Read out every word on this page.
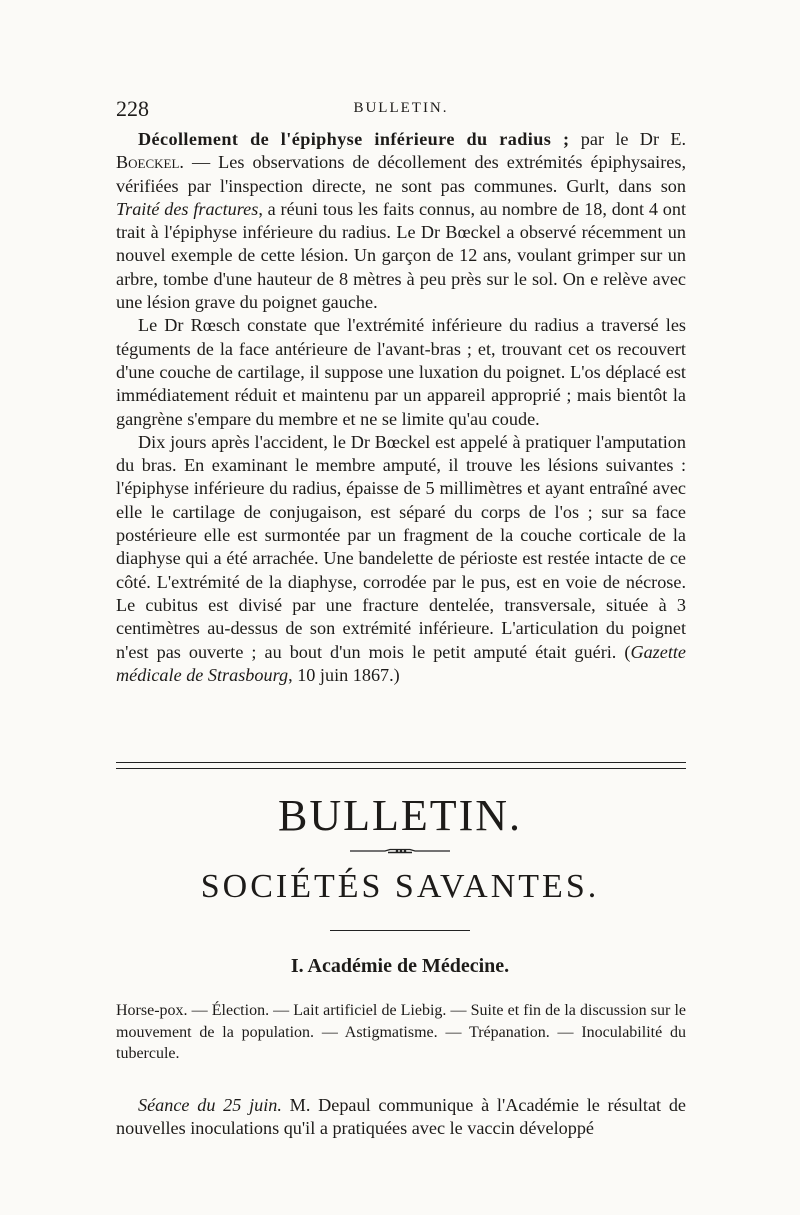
228	BULLETIN.

Décollement de l'épiphyse inférieure du radius ; par le Dr E. Boeckel. — Les observations de décollement des extrémités épiphysaires, vérifiées par l'inspection directe, ne sont pas communes. Gurlt, dans son Traité des fractures, a réuni tous les faits connus, au nombre de 18, dont 4 ont trait à l'épiphyse inférieure du radius. Le Dr Bœckel a observé récemment un nouvel exemple de cette lésion. Un garçon de 12 ans, voulant grimper sur un arbre, tombe d'une hauteur de 8 mètres à peu près sur le sol. On e relève avec une lésion grave du poignet gauche.

Le Dr Rœsch constate que l'extrémité inférieure du radius a traversé les téguments de la face antérieure de l'avant-bras ; et, trouvant cet os recouvert d'une couche de cartilage, il suppose une luxation du poignet. L'os déplacé est immédiatement réduit et maintenu par un appareil approprié ; mais bientôt la gangrène s'empare du membre et ne se limite qu'au coude.

Dix jours après l'accident, le Dr Bœckel est appelé à pratiquer l'amputation du bras. En examinant le membre amputé, il trouve les lésions suivantes : l'épiphyse inférieure du radius, épaisse de 5 millimètres et ayant entraîné avec elle le cartilage de conjugaison, est séparé du corps de l'os ; sur sa face postérieure elle est surmontée par un fragment de la couche corticale de la diaphyse qui a été arrachée. Une bandelette de périoste est restée intacte de ce côté. L'extrémité de la diaphyse, corrodée par le pus, est en voie de nécrose. Le cubitus est divisé par une fracture dentelée, transversale, située à 3 centimètres au-dessus de son extrémité inférieure. L'articulation du poignet n'est pas ouverte ; au bout d'un mois le petit amputé était guéri. (Gazette médicale de Strasbourg, 10 juin 1867.)

BULLETIN.
SOCIÉTÉS SAVANTES.
I. Académie de Médecine.

Horse-pox. — Élection. — Lait artificiel de Liebig. — Suite et fin de la discussion sur le mouvement de la population. — Astigmatisme. — Trépanation. — Inoculabilité du tubercule.

Séance du 25 juin. M. Depaul communique à l'Académie le résultat de nouvelles inoculations qu'il a pratiquées avec le vaccin développé
